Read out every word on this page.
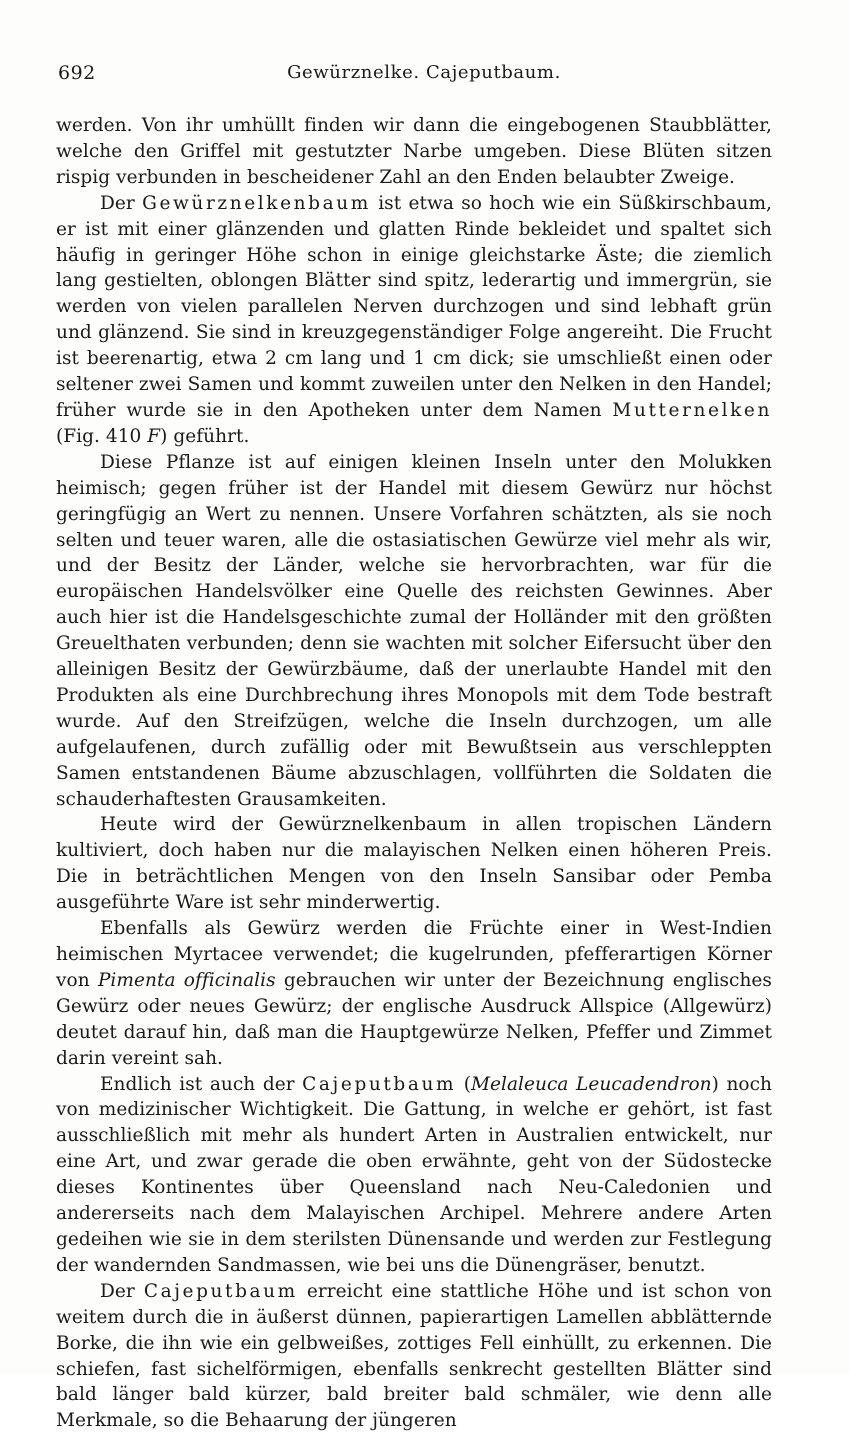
692	Gewürznelke. Cajeputbaum.

werden. Von ihr umhüllt finden wir dann die eingebogenen Staubblätter, welche den Griffel mit gestutzter Narbe umgeben. Diese Blüten sitzen rispig verbunden in bescheidener Zahl an den Enden belaubter Zweige.

Der Gewürznelkenbaum ist etwa so hoch wie ein Süßkirschbaum, er ist mit einer glänzenden und glatten Rinde bekleidet und spaltet sich häufig in geringer Höhe schon in einige gleichstarke Äste; die ziemlich lang gestielten, oblongen Blätter sind spitz, lederartig und immergrün, sie werden von vielen parallelen Nerven durchzogen und sind lebhaft grün und glänzend. Sie sind in kreuzgegenständiger Folge angereiht. Die Frucht ist beerenartig, etwa 2 cm lang und 1 cm dick; sie umschließt einen oder seltener zwei Samen und kommt zuweilen unter den Nelken in den Handel; früher wurde sie in den Apotheken unter dem Namen Mutternelken (Fig. 410 F) geführt.

Diese Pflanze ist auf einigen kleinen Inseln unter den Molukken heimisch; gegen früher ist der Handel mit diesem Gewürz nur höchst geringfügig an Wert zu nennen. Unsere Vorfahren schätzten, als sie noch selten und teuer waren, alle die ostasiatischen Gewürze viel mehr als wir, und der Besitz der Länder, welche sie hervorbrachten, war für die europäischen Handelsvölker eine Quelle des reichsten Gewinnes. Aber auch hier ist die Handelsgeschichte zumal der Holländer mit den größten Greuelthaten verbunden; denn sie wachten mit solcher Eifersucht über den alleinigen Besitz der Gewürzbäume, daß der unerlaubte Handel mit den Produkten als eine Durchbrechung ihres Monopols mit dem Tode bestraft wurde. Auf den Streifzügen, welche die Inseln durchzogen, um alle aufgelaufenen, durch zufällig oder mit Bewußtsein aus verschleppten Samen entstandenen Bäume abzuschlagen, vollführten die Soldaten die schauderhaftesten Grausamkeiten.

Heute wird der Gewürznelkenbaum in allen tropischen Ländern kultiviert, doch haben nur die malayischen Nelken einen höheren Preis. Die in beträchtlichen Mengen von den Inseln Sansibar oder Pemba ausgeführte Ware ist sehr minderwertig.

Ebenfalls als Gewürz werden die Früchte einer in West-Indien heimischen Myrtacee verwendet; die kugelrunden, pfefferartigen Körner von Pimenta officinalis gebrauchen wir unter der Bezeichnung englisches Gewürz oder neues Gewürz; der englische Ausdruck Allspice (Allgewürz) deutet darauf hin, daß man die Hauptgewürze Nelken, Pfeffer und Zimmet darin vereint sah.

Endlich ist auch der Cajeputbaum (Melaleuca Leucadendron) noch von medizinischer Wichtigkeit. Die Gattung, in welche er gehört, ist fast ausschließlich mit mehr als hundert Arten in Australien entwickelt, nur eine Art, und zwar gerade die oben erwähnte, geht von der Südostecke dieses Kontinentes über Queensland nach Neu-Caledonien und andererseits nach dem Malayischen Archipel. Mehrere andere Arten gedeihen wie sie in dem sterilsten Dünensande und werden zur Festlegung der wandernden Sandmassen, wie bei uns die Dünengräser, benutzt.

Der Cajeputbaum erreicht eine stattliche Höhe und ist schon von weitem durch die in äußerst dünnen, papierartigen Lamellen abblätternde Borke, die ihn wie ein gelbweißes, zottiges Fell einhüllt, zu erkennen. Die schiefen, fast sichelförmigen, ebenfalls senkrecht gestellten Blätter sind bald länger bald kürzer, bald breiter bald schmäler, wie denn alle Merkmale, so die Behaarung der jüngeren
